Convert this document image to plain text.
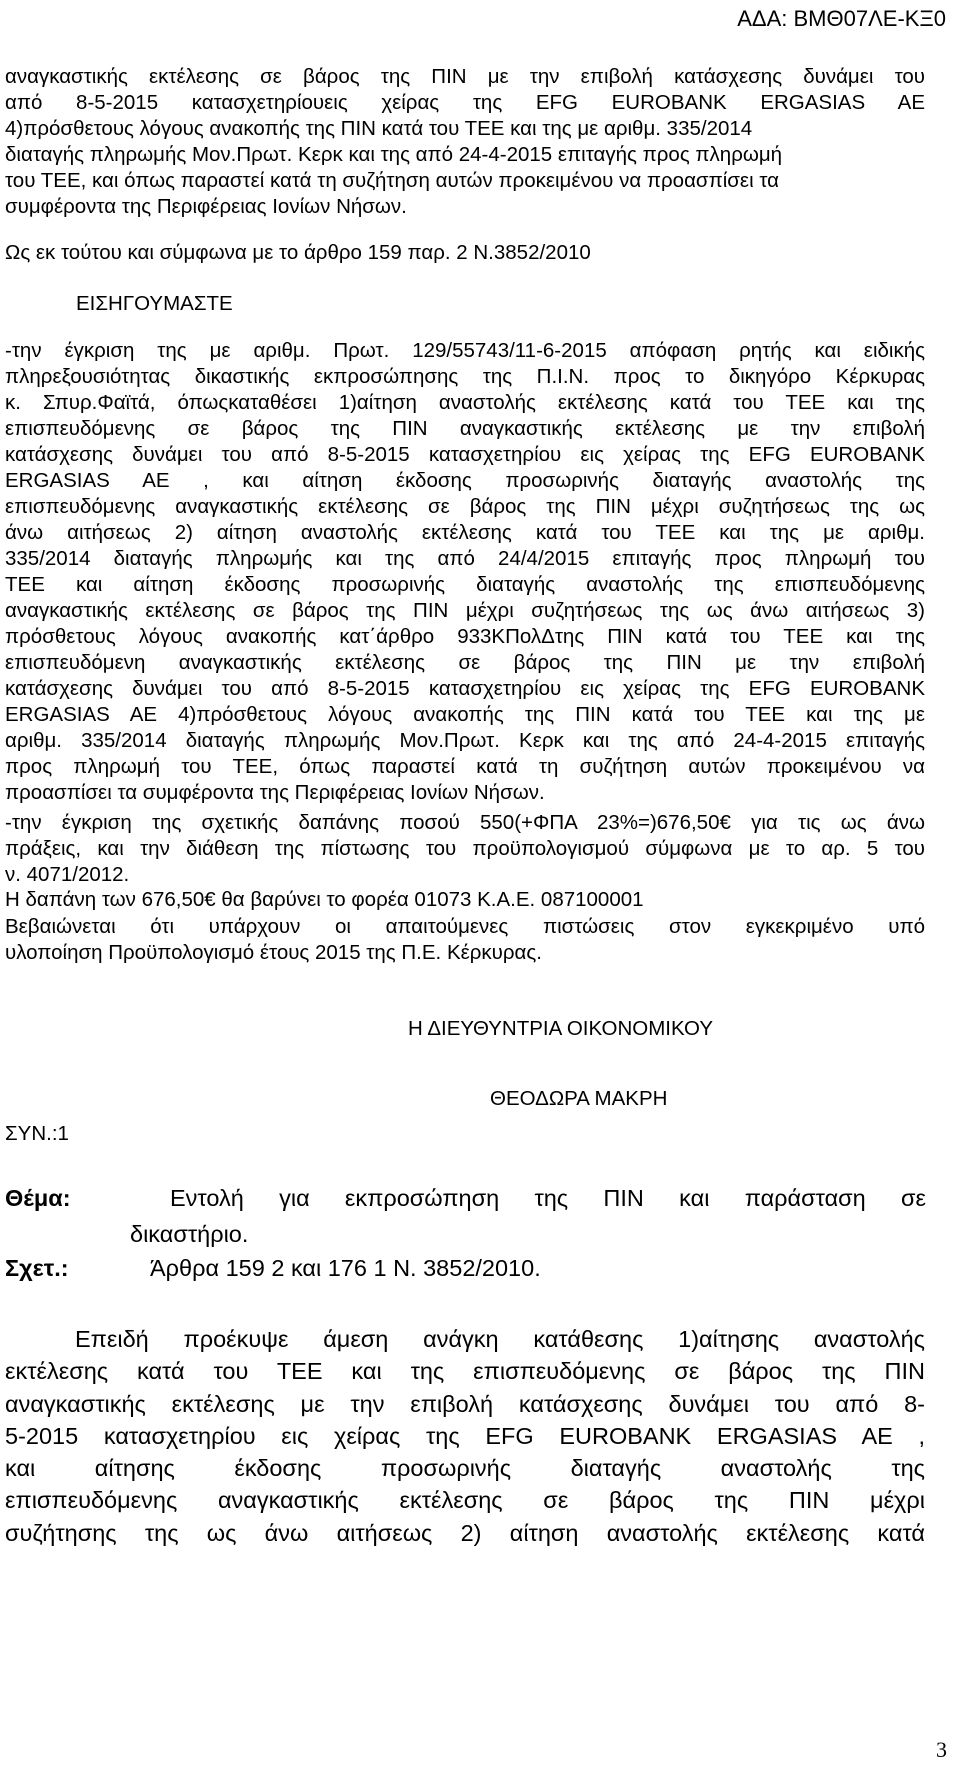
ΑΔΑ: ΒΜΘ07ΛΕ-ΚΞ0
αναγκαστικής εκτέλεσης σε βάρος της ΠΙΝ με την επιβολή κατάσχεσης δυνάμει του
από 8-5-2015 κατασχετηρίουεις χείρας της EFG EUROBANK ERGASIAS AE
4)πρόσθετους λόγους ανακοπής της ΠΙΝ κατά του ΤΕΕ και της με αριθμ. 335/2014
διαταγής πληρωμής Μον.Πρωτ. Κερκ και της από 24-4-2015 επιταγής προς πληρωμή
του ΤΕΕ, και όπως παραστεί κατά τη συζήτηση αυτών προκειμένου να προασπίσει τα
συμφέροντα της Περιφέρειας Ιονίων Νήσων.
Ως εκ τούτου και σύμφωνα με το άρθρο 159 παρ. 2 Ν.3852/2010
ΕΙΣΗΓΟΥΜΑΣΤΕ
-την έγκριση της με αριθμ. Πρωτ. 129/55743/11-6-2015 απόφαση ρητής και ειδικής
πληρεξουσιότητας δικαστικής εκπροσώπησης της Π.Ι.Ν. προς το δικηγόρο Κέρκυρας
κ. Σπυρ.Φαϊτά, όπωςκαταθέσει 1)αίτηση αναστολής εκτέλεσης κατά του ΤΕΕ και της
επισπευδόμενης σε βάρος της ΠΙΝ αναγκαστικής εκτέλεσης με την επιβολή
κατάσχεσης δυνάμει του από 8-5-2015 κατασχετηρίου εις χείρας της EFG EUROBANK
ERGASIAS AE , και αίτηση έκδοσης προσωρινής διαταγής αναστολής της
επισπευδόμενης αναγκαστικής εκτέλεσης σε βάρος της ΠΙΝ μέχρι συζητήσεως της ως
άνω αιτήσεως 2) αίτηση αναστολής εκτέλεσης κατά του ΤΕΕ και της με αριθμ.
335/2014 διαταγής πληρωμής και της από 24/4/2015 επιταγής προς πληρωμή του
ΤΕΕ και αίτηση έκδοσης προσωρινής διαταγής αναστολής της επισπευδόμενης
αναγκαστικής εκτέλεσης σε βάρος της ΠΙΝ μέχρι συζητήσεως της ως άνω αιτήσεως 3)
πρόσθετους λόγους ανακοπής κατ΄άρθρο 933ΚΠολΔτης ΠΙΝ κατά του ΤΕΕ και της
επισπευδόμενη αναγκαστικής εκτέλεσης σε βάρος της ΠΙΝ με την επιβολή
κατάσχεσης δυνάμει του από 8-5-2015 κατασχετηρίου εις χείρας της EFG EUROBANK
ERGASIAS AE 4)πρόσθετους λόγους ανακοπής της ΠΙΝ κατά του ΤΕΕ και της με
αριθμ. 335/2014 διαταγής πληρωμής Μον.Πρωτ. Κερκ και της από 24-4-2015 επιταγής
προς πληρωμή του ΤΕΕ, όπως παραστεί κατά τη συζήτηση αυτών προκειμένου να
προασπίσει τα συμφέροντα της Περιφέρειας Ιονίων Νήσων.
-την έγκριση της σχετικής δαπάνης ποσού 550(+ΦΠΑ 23%=)676,50€ για τις ως άνω
πράξεις, και την διάθεση της πίστωσης του προϋπολογισμού σύμφωνα με το αρ. 5 του
ν. 4071/2012.
Η δαπάνη των 676,50€ θα βαρύνει το φορέα 01073 Κ.Α.Ε. 087100001
Βεβαιώνεται ότι υπάρχουν οι απαιτούμενες πιστώσεις στον εγκεκριμένο υπό
υλοποίηση Προϋπολογισμό έτους 2015 της Π.Ε. Κέρκυρας.
Η ΔΙΕΥΘΥΝΤΡΙΑ ΟΙΚΟΝΟΜΙΚΟΥ
ΘΕΟΔΩΡΑ ΜΑΚΡΗ
ΣΥΝ.:1
Θέμα:	Εντολή για εκπροσώπηση της ΠΙΝ και παράσταση σε
δικαστήριο.
Σχετ.:	Άρθρα 159 2 και 176 1 Ν. 3852/2010.
Επειδή προέκυψε άμεση ανάγκη κατάθεσης 1)αίτησης αναστολής
εκτέλεσης κατά του ΤΕΕ και της επισπευδόμενης σε βάρος της ΠΙΝ
αναγκαστικής εκτέλεσης με την επιβολή κατάσχεσης δυνάμει του από 8-
5-2015 κατασχετηρίου εις χείρας της EFG EUROBANK ERGASIAS AE ,
και αίτησης έκδοσης προσωρινής διαταγής αναστολής της
επισπευδόμενης αναγκαστικής εκτέλεσης σε βάρος της ΠΙΝ μέχρι
συζήτησης της ως άνω αιτήσεως 2) αίτηση αναστολής εκτέλεσης κατά
3
